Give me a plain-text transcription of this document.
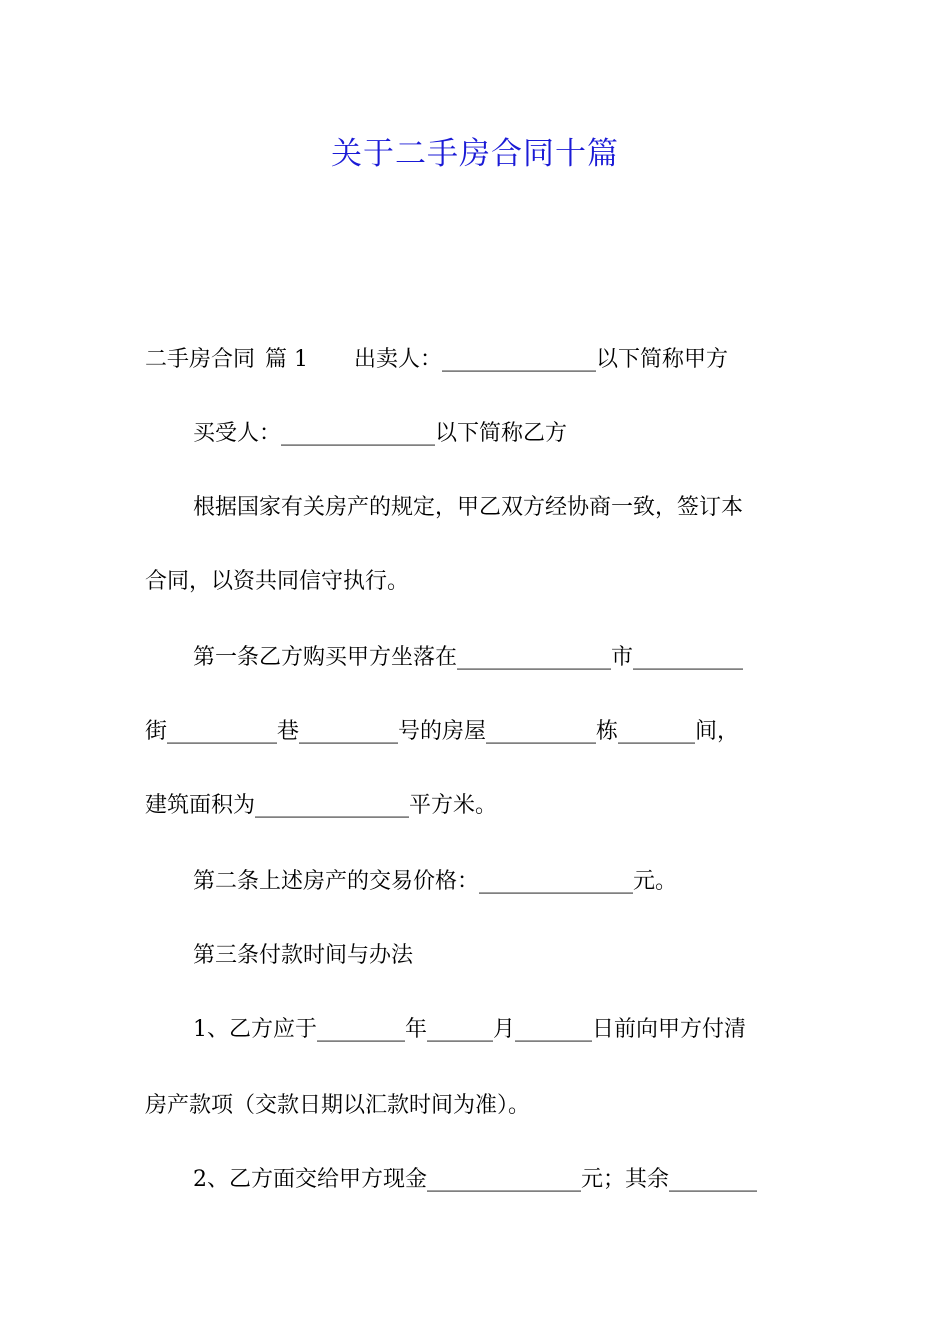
关于二手房合同十篇
二手房合同 篇 1 出卖人：______________以下简称甲方
买受人：______________以下简称乙方
根据国家有关房产的规定，甲乙双方经协商一致，签订本
合同，以资共同信守执行。
第一条乙方购买甲方坐落在______________市__________
街__________巷_________号的房屋__________栋_______间，
建筑面积为______________平方米。
第二条上述房产的交易价格：______________元。
第三条付款时间与办法
1、乙方应于________年______月_______日前向甲方付清
房产款项（交款日期以汇款时间为准）。
2、乙方面交给甲方现金______________元；其余________
